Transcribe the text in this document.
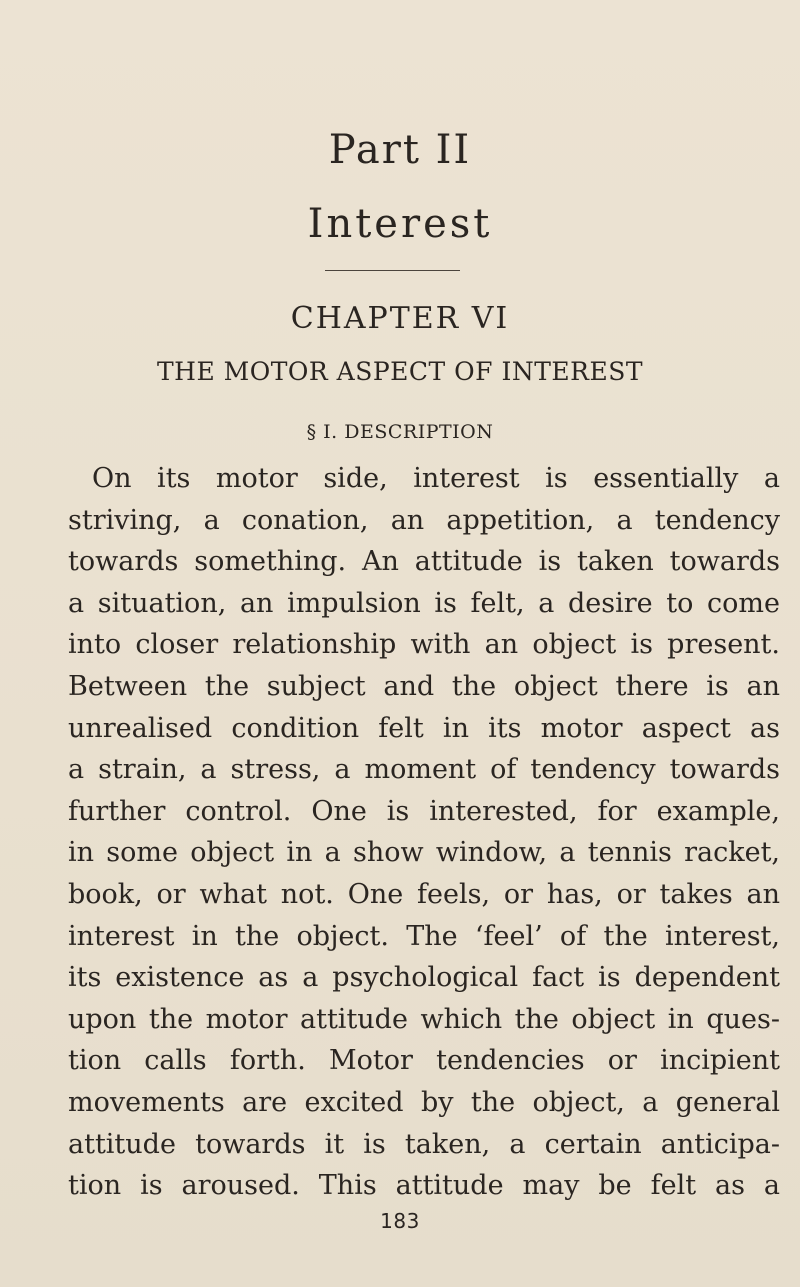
Part II
Interest
CHAPTER VI
THE MOTOR ASPECT OF INTEREST
§ I. DESCRIPTION
On its motor side, interest is essentially a
striving, a conation, an appetition, a tendency
towards something. An attitude is taken towards
a situation, an impulsion is felt, a desire to come
into closer relationship with an object is present.
Between the subject and the object there is an
unrealised condition felt in its motor aspect as
a strain, a stress, a moment of tendency towards
further control. One is interested, for example,
in some object in a show window, a tennis racket,
book, or what not. One feels, or has, or takes an
interest in the object. The ‘feel’ of the interest,
its existence as a psychological fact is dependent
upon the motor attitude which the object in ques-
tion calls forth. Motor tendencies or incipient
movements are excited by the object, a general
attitude towards it is taken, a certain anticipa-
tion is aroused. This attitude may be felt as a
183
